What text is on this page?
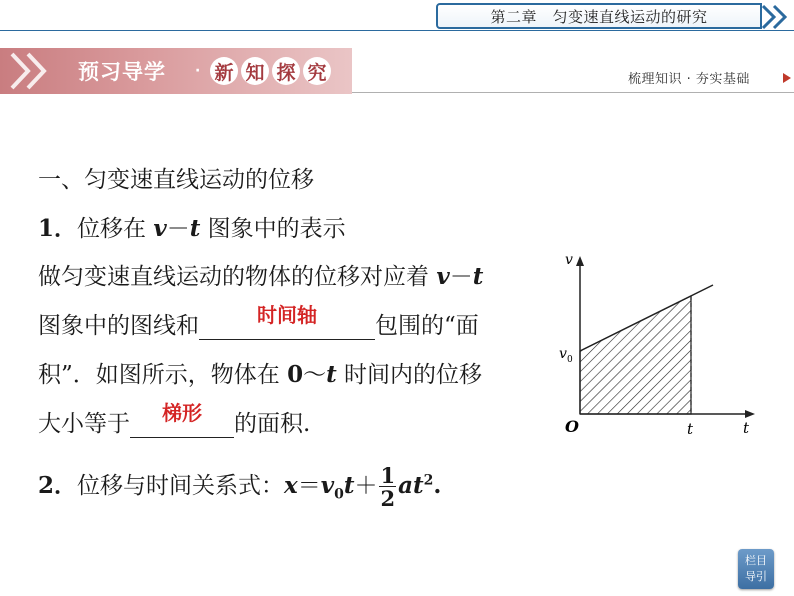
第二章　匀变速直线运动的研究
预习导学 · 新 知 探 究	梳理知识 · 夯实基础
一、匀变速直线运动的位移
1．位移在 v－t 图象中的表示
做匀变速直线运动的物体的位移对应着 v－t
图象中的图线和	时间轴	包围的“面
积”．如图所示，物体在 0～t 时间内的位移
大小等于	梯形	的面积.
2．位移与时间关系式：$x=v_0t+ \frac{1}{2} at^2$.
v
t
O
v 0
t
栏目
导引
